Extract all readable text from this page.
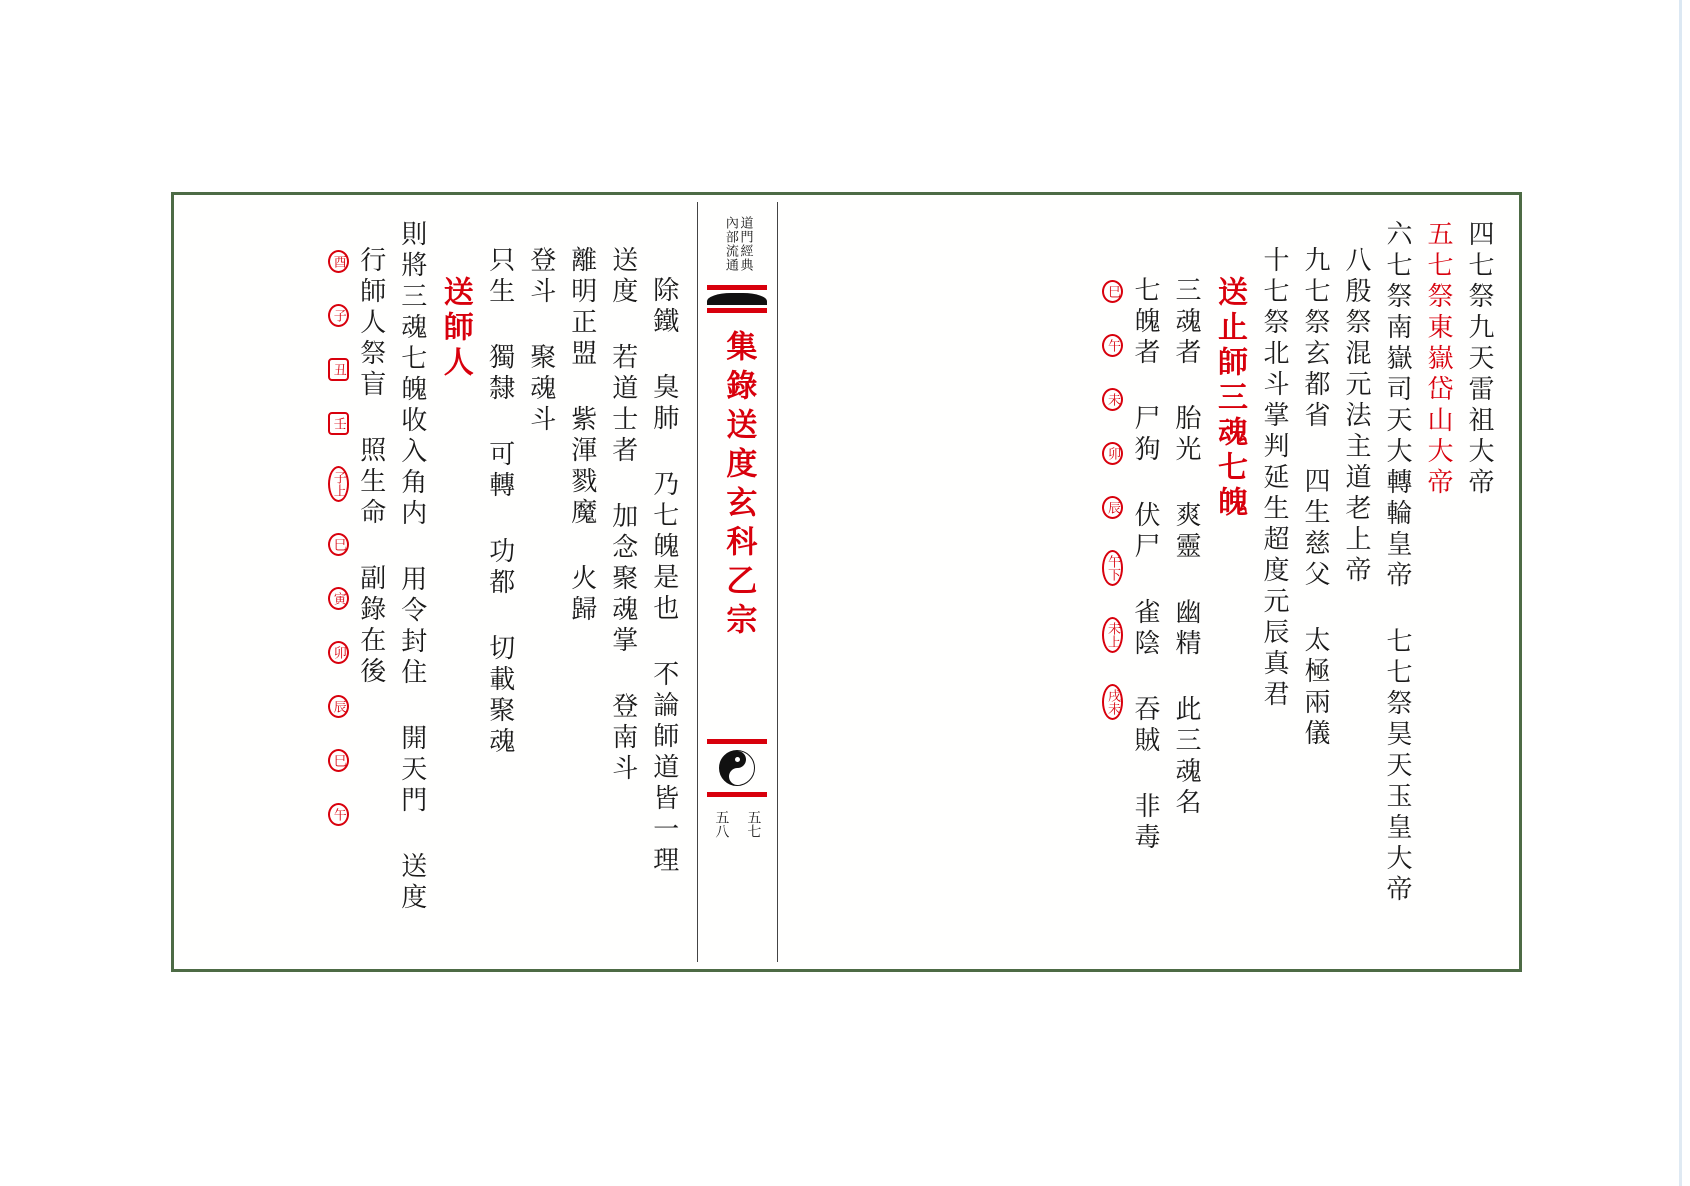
四七祭九天雷祖大帝
五七祭東嶽岱山大帝
六七祭南嶽司天大轉輪皇帝 七七祭昊天玉皇大帝
八殷祭混元法主道老上帝
九七祭玄都省 四生慈父 太極兩儀
十七祭北斗掌判延生超度元辰真君
送止師三魂七魄
三魂者 胎光 爽靈 幽精 此三魂名
七魄者 尸狗 伏尸 雀陰 吞賊 非毒
巳 午 未 卯 辰 午下 未上 戌未
道門經典
內部流通
集錄送度玄科乙宗
五七
五八
除鐵 臭肺 乃七魄是也 不論師道皆一理
送度 若道士者 加念聚魂掌 登南斗
離明正盟 紫渾戮魔 火歸
登斗 聚魂斗
只生 獨隸 可轉 功都 切載聚魂
送師人
則將三魂七魄收入角内 用令封住 開天門 送度
行師人祭盲 照生命 副錄在後
酉 子 丑 壬 子上 巳 寅 卯 辰 巳 午
